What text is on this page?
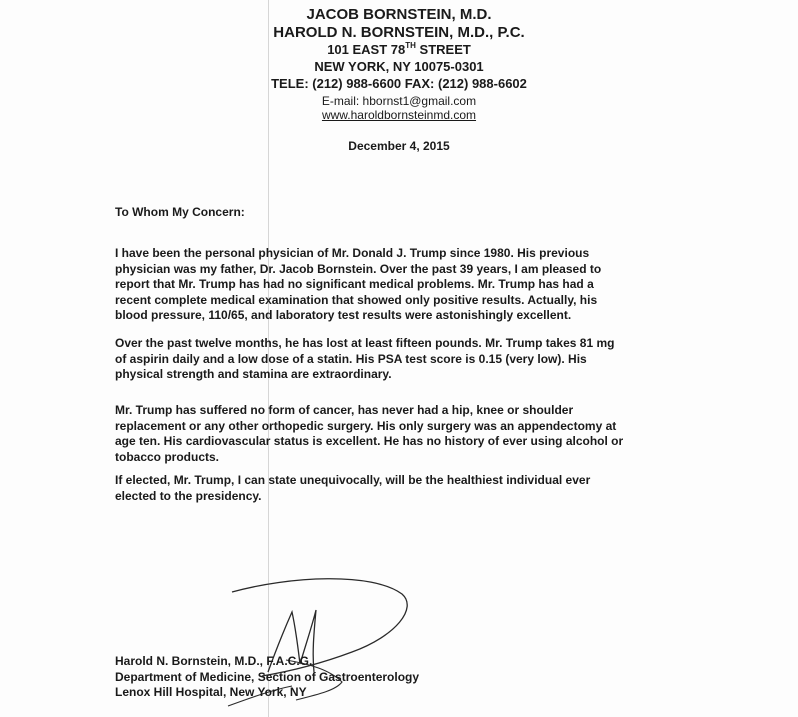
JACOB BORNSTEIN, M.D.
HAROLD N. BORNSTEIN, M.D., P.C.
101 EAST 78TH STREET
NEW YORK, NY 10075-0301
TELE: (212) 988-6600 FAX: (212) 988-6602
E-mail: hbornst1@gmail.com
www.haroldbornsteinmd.com
December 4, 2015
To Whom My Concern:

I have been the personal physician of Mr. Donald J. Trump since 1980. His previous
physician was my father, Dr. Jacob Bornstein. Over the past 39 years, I am pleased to
report that Mr. Trump has had no significant medical problems. Mr. Trump has had a
recent complete medical examination that showed only positive results. Actually, his
blood pressure, 110/65, and laboratory test results were astonishingly excellent.

Over the past twelve months, he has lost at least fifteen pounds. Mr. Trump takes 81 mg
of aspirin daily and a low dose of a statin. His PSA test score is 0.15 (very low). His
physical strength and stamina are extraordinary.

Mr. Trump has suffered no form of cancer, has never had a hip, knee or shoulder
replacement or any other orthopedic surgery. His only surgery was an appendectomy at
age ten. His cardiovascular status is excellent. He has no history of ever using alcohol or
tobacco products.

If elected, Mr. Trump, I can state unequivocally, will be the healthiest individual ever
elected to the presidency.

Harold N. Bornstein, M.D., F.A.C.G.
Department of Medicine, Section of Gastroenterology
Lenox Hill Hospital, New York, NY
